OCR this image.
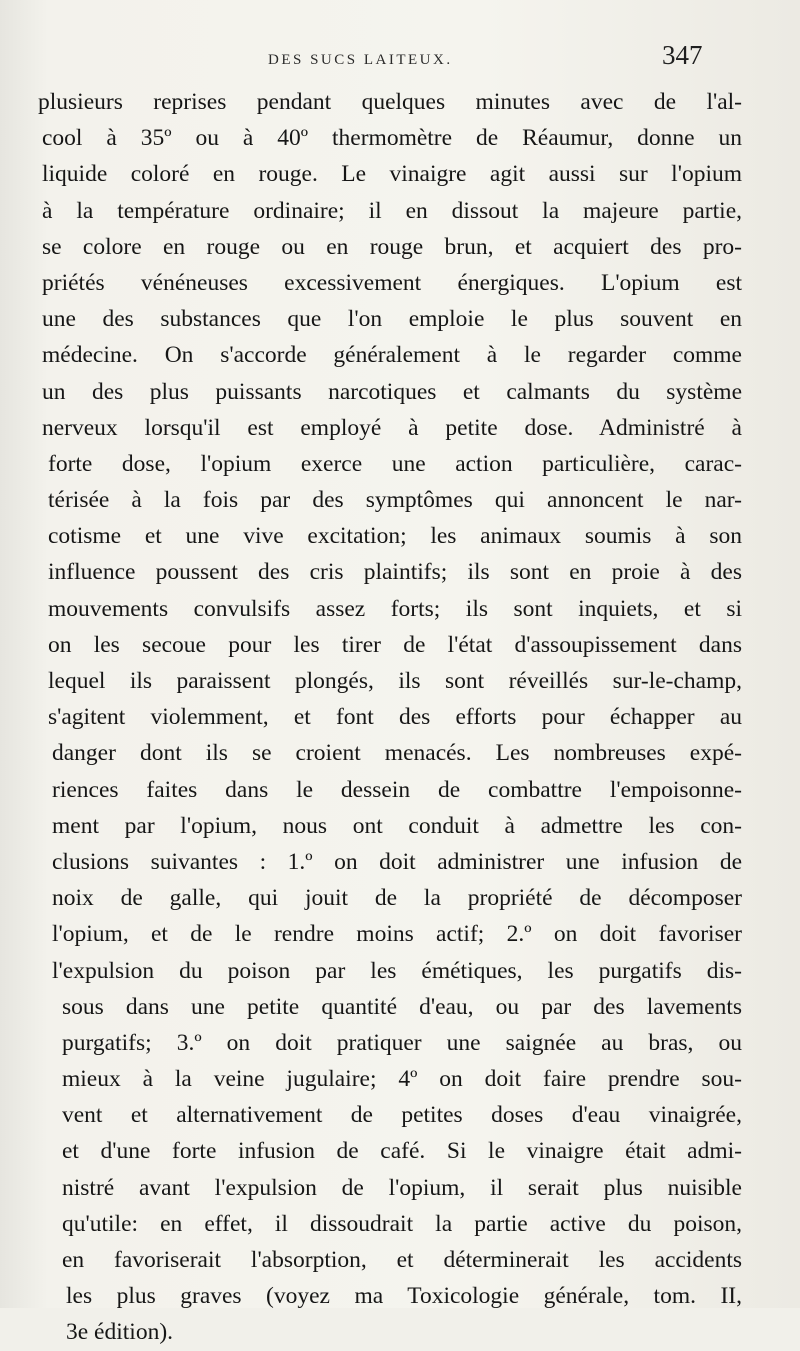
DES SUCS LAITEUX.	347
plusieurs reprises pendant quelques minutes avec de l'al-
cool à 35º ou à 40º thermomètre de Réaumur, donne un
liquide coloré en rouge. Le vinaigre agit aussi sur l'opium
à la température ordinaire; il en dissout la majeure partie,
se colore en rouge ou en rouge brun, et acquiert des pro-
priétés vénéneuses excessivement énergiques. L'opium est
une des substances que l'on emploie le plus souvent en
médecine. On s'accorde généralement à le regarder comme
un des plus puissants narcotiques et calmants du système
nerveux lorsqu'il est employé à petite dose. Administré à
forte dose, l'opium exerce une action particulière, carac-
térisée à la fois par des symptômes qui annoncent le nar-
cotisme et une vive excitation; les animaux soumis à son
influence poussent des cris plaintifs; ils sont en proie à des
mouvements convulsifs assez forts; ils sont inquiets, et si
on les secoue pour les tirer de l'état d'assoupissement dans
lequel ils paraissent plongés, ils sont réveillés sur-le-champ,
s'agitent violemment, et font des efforts pour échapper au
danger dont ils se croient menacés. Les nombreuses expé-
riences faites dans le dessein de combattre l'empoisonne-
ment par l'opium, nous ont conduit à admettre les con-
clusions suivantes : 1.º on doit administrer une infusion de
noix de galle, qui jouit de la propriété de décomposer
l'opium, et de le rendre moins actif; 2.º on doit favoriser
l'expulsion du poison par les émétiques, les purgatifs dis-
sous dans une petite quantité d'eau, ou par des lavements
purgatifs; 3.º on doit pratiquer une saignée au bras, ou
mieux à la veine jugulaire; 4º on doit faire prendre sou-
vent et alternativement de petites doses d'eau vinaigrée,
et d'une forte infusion de café. Si le vinaigre était admi-
nistré avant l'expulsion de l'opium, il serait plus nuisible
qu'utile: en effet, il dissoudrait la partie active du poison,
en favoriserait l'absorption, et déterminerait les accidents
les plus graves (voyez ma Toxicologie générale, tom. II,
3e édition).
